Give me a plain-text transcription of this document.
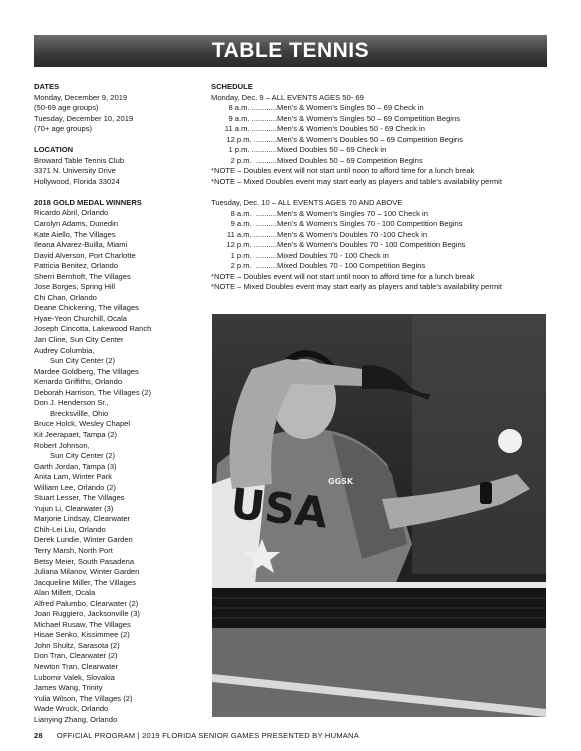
TABLE TENNIS
DATES
Monday, December 9, 2019
(50-69 age groups)
Tuesday, December 10, 2019
(70+ age groups)
LOCATION
Broward Table Tennis Club
3371 N. University Drive
Hollywood, Florida 33024
2018 GOLD MEDAL WINNERS
Ricardo Abril, Orlando
Carolyn Adams, Dunedin
Kate Aiello, The Villages
Ileana Alvarez-Builla, Miami
David Alverson, Port Charlotte
Patricia Benitez, Orlando
Sherri Bernhoft, The Villages
Jose Borges, Spring Hill
Chi Chan, Orlando
Deane Chickering, The villages
Hyae-Yeon Churchill, Ocala
Joseph Cincotta, Lakewood Ranch
Jan Cline, Sun City Center
Audrey Columbia,
Sun City Center (2)
Mardee Goldberg, The Villages
Kenardo Griffiths, Orlando
Deborah Harrison, The Villages (2)
Don J. Henderson Sr.,
Brecksvillle, Ohio
Bruce Holck, Wesley Chapel
Kit Jeerapaet, Tampa (2)
Robert Johnson,
Sun City Center (2)
Garth Jordan, Tampa (3)
Anita Lam, Winter Park
William Lee, Orlando (2)
Stuart Lesser, The Villages
Yujun Li, Clearwater (3)
Marjorie Lindsay, Clearwater
Chih-Lei Liu, Orlando
Derek Lundie, Winter Garden
Terry Marsh, North Port
Betsy Meier, South Pasadena
Juliana Milanov, Winter Garden
Jacqueline Miller, The Villages
Alan Millett, Ocala
Alfred Palumbo, Clearwater (2)
Joan Ruggiero, Jacksonville (3)
Michael Rusaw, The Villages
Hisae Senko, Kissimmee (2)
John Shultz, Sarasota (2)
Don Tran, Clearwater (2)
Newton Tran, Clearwater
Lubomir Valek, Slovakia
James Wang, Trinity
Yulia Wilson, The Villages (2)
Wade Wruck, Orlando
Lianying Zhang, Orlando
SCHEDULE
Monday, Dec. 9 – ALL EVENTS AGES 50- 69
8 a.m. ............ Men's & Women's Singles 50 – 69 Check in
9 a.m. ............ Men's & Women's Singles 50 – 69 Competition Begins
11 a.m. ............ Men's & Women's Doubles 50 - 69 Check in
12 p.m. ........... Men's & Women's Doubles 50 – 69 Competition Begins
1 p.m. ............ Mixed Doubles 50 – 69 Check in
2 p.m.  .......... Mixed Doubles 50 – 69 Competition Begins
*NOTE – Doubles event will not start until noon to afford time for a lunch break
*NOTE – Mixed Doubles event may start early as players and table's availability permit
Tuesday, Dec. 10 – ALL EVENTS AGES 70 AND ABOVE
8 a.m.  .......... Men's & Women's Singles 70 – 100 Check in
9 a.m.  .......... Men's & Women's Singles 70 - 100 Competition Begins
11 a.m. ........... Men's & Women's Doubles 70 -100 Check in
12 p.m. ........... Men's & Women's Doubles 70 - 100 Competition Begins
1 p.m.  .......... Mixed Doubles 70 - 100 Check in
2 p.m.  .......... Mixed Doubles 70 - 100 Competition Begins
*NOTE – Doubles event will not start until noon to afford time for a lunch break
*NOTE – Mixed Doubles event may start early as players and table's availability permit
USA
GGSK
28 OFFICIAL PROGRAM | 2019 FLORIDA SENIOR GAMES PRESENTED BY HUMANA
